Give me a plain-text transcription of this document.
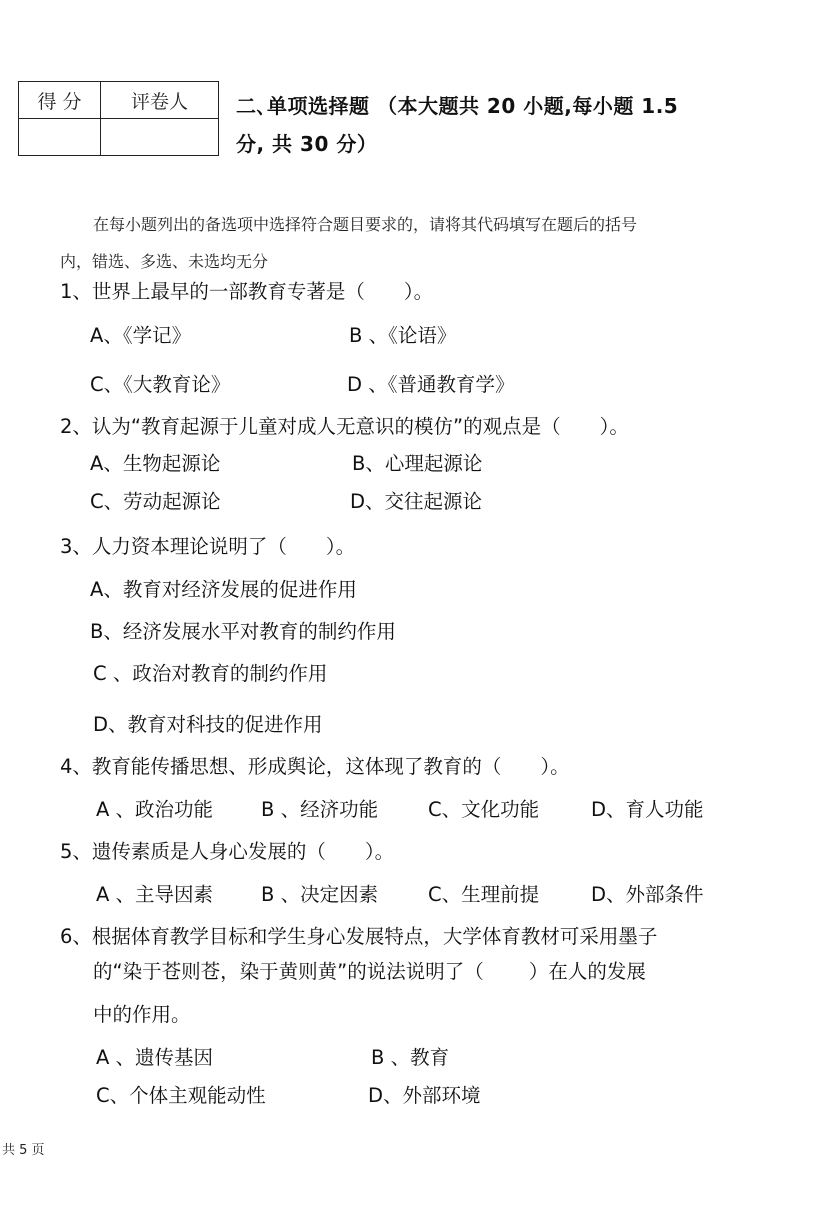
得 分	评卷人
	二､单项选择题 （本大题共 20 小题,每小题 1.5
分, 共 30 分）
在每小题列出的备选项中选择符合题目要求的，请将其代码填写在题后的括号
内，错选、多选、未选均无分
1、世界上最早的一部教育专著是（　　）。
A、《学记》	B 、《论语》
C、《大教育论》	D 、《普通教育学》
2、认为“教育起源于儿童对成人无意识的模仿”的观点是（　　）。
A、生物起源论	B、心理起源论
C、劳动起源论	D、交往起源论
3、人力资本理论说明了（　　）。
A、教育对经济发展的促进作用
B、经济发展水平对教育的制约作用
C 、政治对教育的制约作用
D、教育对科技的促进作用
4、教育能传播思想、形成舆论，这体现了教育的（　　）。
A 、政治功能 B 、经济功能	C、文化功能	D、育人功能
5、遗传素质是人身心发展的（　　）。
A 、主导因素 B 、决定因素	C、生理前提	D、外部条件
6、根据体育教学目标和学生身心发展特点，大学体育教材可采用墨子
的“染于苍则苍，染于黄则黄”的说法说明了（　　 ）在人的发展
中的作用。
A 、遗传基因	B 、教育
C、个体主观能动性	D、外部环境
共 5 页
